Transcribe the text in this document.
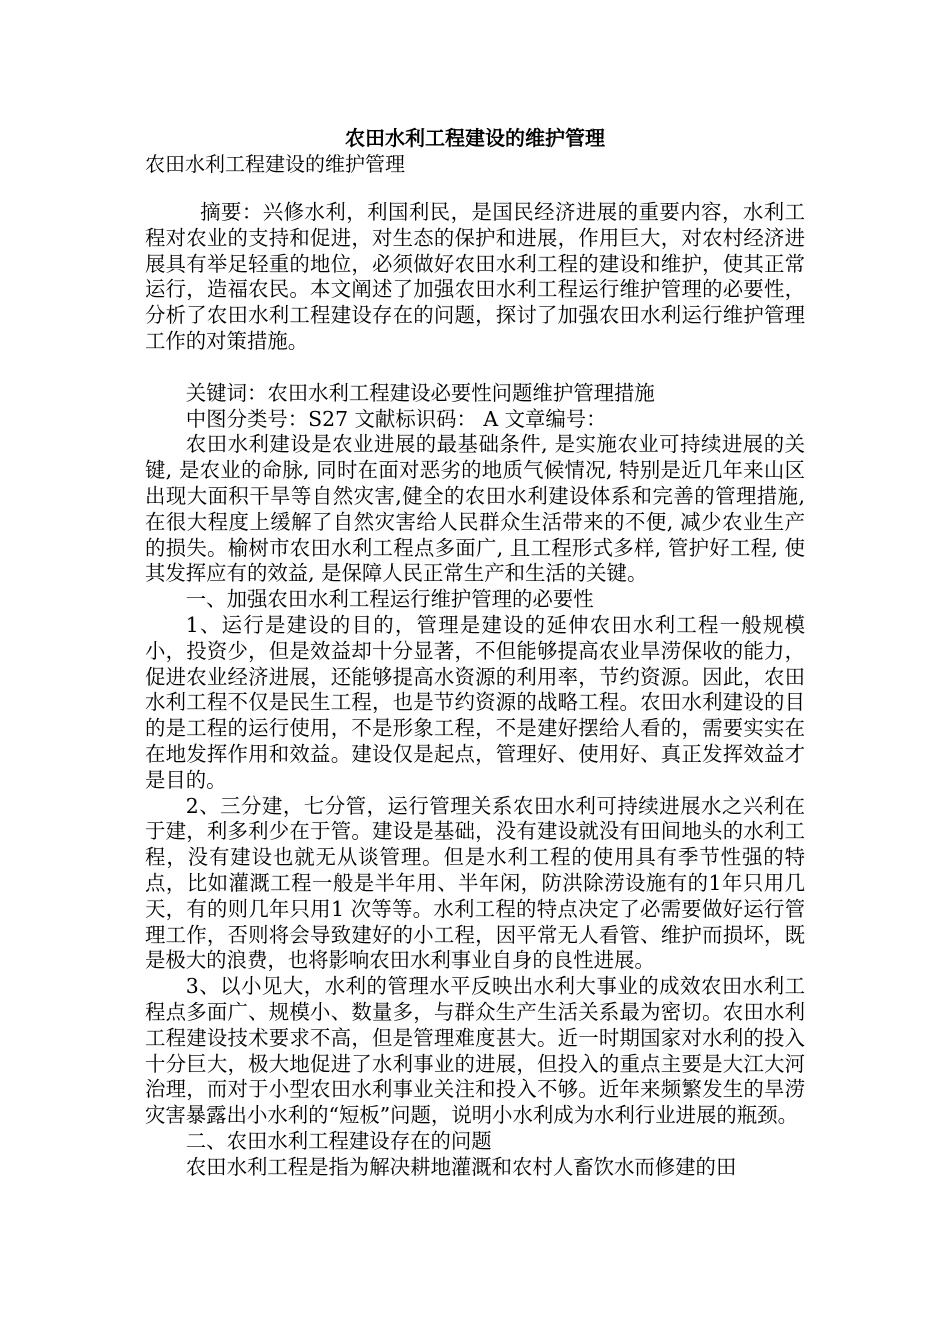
农田水利工程建设的维护管理
农田水利工程建设的维护管理

摘要：兴修水利，利国利民，是国民经济进展的重要内容，水利工程对农业的支持和促进，对生态的保护和进展，作用巨大，对农村经济进展具有举足轻重的地位，必须做好农田水利工程的建设和维护，使其正常运行，造福农民。本文阐述了加强农田水利工程运行维护管理的必要性，分析了农田水利工程建设存在的问题，探讨了加强农田水利运行维护管理工作的对策措施。

关键词：农田水利工程建设必要性问题维护管理措施

中图分类号：S27 文献标识码： A 文章编号：

农田水利建设是农业进展的最基础条件, 是实施农业可持续进展的关键, 是农业的命脉, 同时在面对恶劣的地质气候情况, 特别是近几年来山区出现大面积干旱等自然灾害,健全的农田水利建设体系和完善的管理措施, 在很大程度上缓解了自然灾害给人民群众生活带来的不便, 减少农业生产的损失。榆树市农田水利工程点多面广, 且工程形式多样, 管护好工程, 使其发挥应有的效益, 是保障人民正常生产和生活的关键。

一、加强农田水利工程运行维护管理的必要性

1、运行是建设的目的，管理是建设的延伸农田水利工程一般规模小，投资少，但是效益却十分显著，不但能够提高农业旱涝保收的能力，促进农业经济进展，还能够提高水资源的利用率，节约资源。因此，农田水利工程不仅是民生工程，也是节约资源的战略工程。农田水利建设的目的是工程的运行使用，不是形象工程，不是建好摆给人看的，需要实实在在地发挥作用和效益。建设仅是起点，管理好、使用好、真正发挥效益才是目的。

2、三分建，七分管，运行管理关系农田水利可持续进展水之兴利在于建，利多利少在于管。建设是基础，没有建设就没有田间地头的水利工程，没有建设也就无从谈管理。但是水利工程的使用具有季节性强的特点，比如灌溉工程一般是半年用、半年闲，防洪除涝设施有的1年只用几天，有的则几年只用1 次等等。水利工程的特点决定了必需要做好运行管理工作，否则将会导致建好的小工程，因平常无人看管、维护而损坏，既是极大的浪费，也将影响农田水利事业自身的良性进展。

3、以小见大，水利的管理水平反映出水利大事业的成效农田水利工程点多面广、规模小、数量多，与群众生产生活关系最为密切。农田水利工程建设技术要求不高，但是管理难度甚大。近一时期国家对水利的投入十分巨大，极大地促进了水利事业的进展，但投入的重点主要是大江大河治理，而对于小型农田水利事业关注和投入不够。近年来频繁发生的旱涝灾害暴露出小水利的“短板”问题，说明小水利成为水利行业进展的瓶颈。

二、农田水利工程建设存在的问题

农田水利工程是指为解决耕地灌溉和农村人畜饮水而修建的田
